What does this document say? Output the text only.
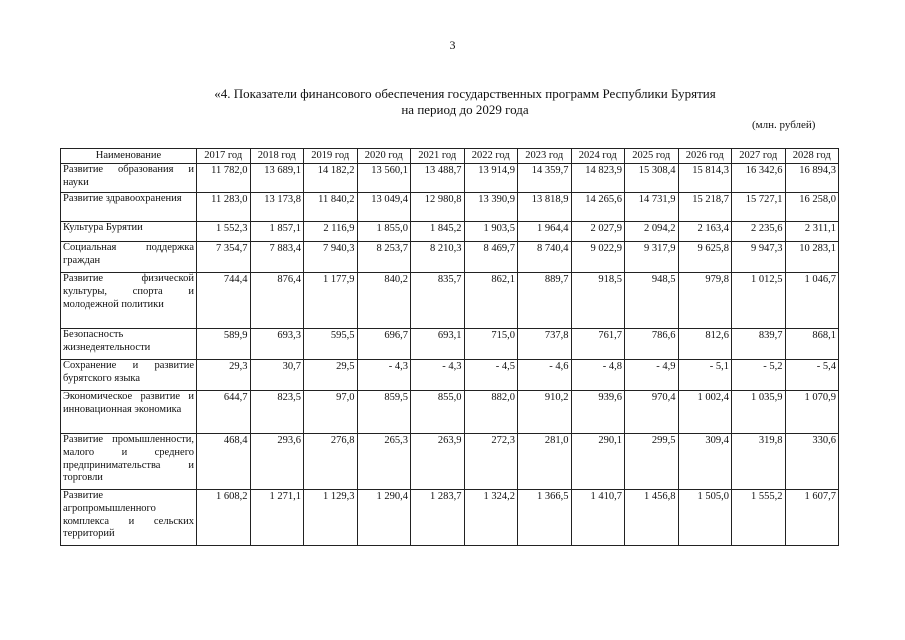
3
«4. Показатели финансового обеспечения государственных программ Республики Бурятия
на период до 2029 года
(млн. рублей)
Наименование	2017 год	2018 год	2019 год	2020 год	2021 год	2022 год	2023 год	2024 год	2025 год	2026 год	2027 год	2028 год
Развитие образования и науки	11 782,0	13 689,1	14 182,2	13 560,1	13 488,7	13 914,9	14 359,7	14 823,9	15 308,4	15 814,3	16 342,6	16 894,3
Развитие здравоохранения	11 283,0	13 173,8	11 840,2	13 049,4	12 980,8	13 390,9	13 818,9	14 265,6	14 731,9	15 218,7	15 727,1	16 258,0
Культура Бурятии	1 552,3	1 857,1	2 116,9	1 855,0	1 845,2	1 903,5	1 964,4	2 027,9	2 094,2	2 163,4	2 235,6	2 311,1
Социальная поддержка граждан	7 354,7	7 883,4	7 940,3	8 253,7	8 210,3	8 469,7	8 740,4	9 022,9	9 317,9	9 625,8	9 947,3	10 283,1
Развитие физической культуры, спорта и молодежной политики	744,4	876,4	1 177,9	840,2	835,7	862,1	889,7	918,5	948,5	979,8	1 012,5	1 046,7
Безопасность жизнедеятельности	589,9	693,3	595,5	696,7	693,1	715,0	737,8	761,7	786,6	812,6	839,7	868,1
Сохранение и развитие бурятского языка	29,3	30,7	29,5	- 4,3	- 4,3	- 4,5	- 4,6	- 4,8	- 4,9	- 5,1	- 5,2	- 5,4
Экономическое развитие и инновационная экономика	644,7	823,5	97,0	859,5	855,0	882,0	910,2	939,6	970,4	1 002,4	1 035,9	1 070,9
Развитие промышленности, малого и среднего предпринимательства и торговли	468,4	293,6	276,8	265,3	263,9	272,3	281,0	290,1	299,5	309,4	319,8	330,6
Развитие агропромышленного комплекса и сельских территорий	1 608,2	1 271,1	1 129,3	1 290,4	1 283,7	1 324,2	1 366,5	1 410,7	1 456,8	1 505,0	1 555,2	1 607,7
